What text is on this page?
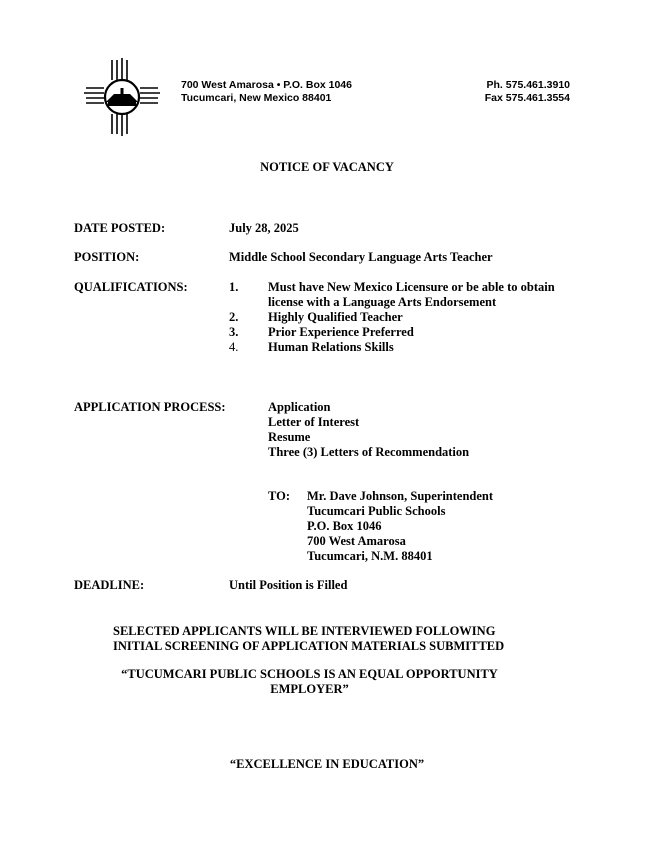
700 West Amarosa • P.O. Box 1046
Tucumcari, New Mexico 88401
Ph. 575.461.3910
Fax 575.461.3554
NOTICE OF VACANCY
DATE POSTED:	July 28, 2025
POSITION:	Middle School Secondary Language Arts Teacher
QUALIFICATIONS:	1. Must have New Mexico Licensure or be able to obtain
license with a Language Arts Endorsement
2. Highly Qualified Teacher
3. Prior Experience Preferred
4. Human Relations Skills
APPLICATION PROCESS:	Application
Letter of Interest
Resume
Three (3) Letters of Recommendation
TO: Mr. Dave Johnson, Superintendent
Tucumcari Public Schools
P.O. Box 1046
700 West Amarosa
Tucumcari, N.M. 88401
DEADLINE:	Until Position is Filled
SELECTED APPLICANTS WILL BE INTERVIEWED FOLLOWING
INITIAL SCREENING OF APPLICATION MATERIALS SUBMITTED
“TUCUMCARI PUBLIC SCHOOLS IS AN EQUAL OPPORTUNITY
EMPLOYER”
“EXCELLENCE IN EDUCATION”
